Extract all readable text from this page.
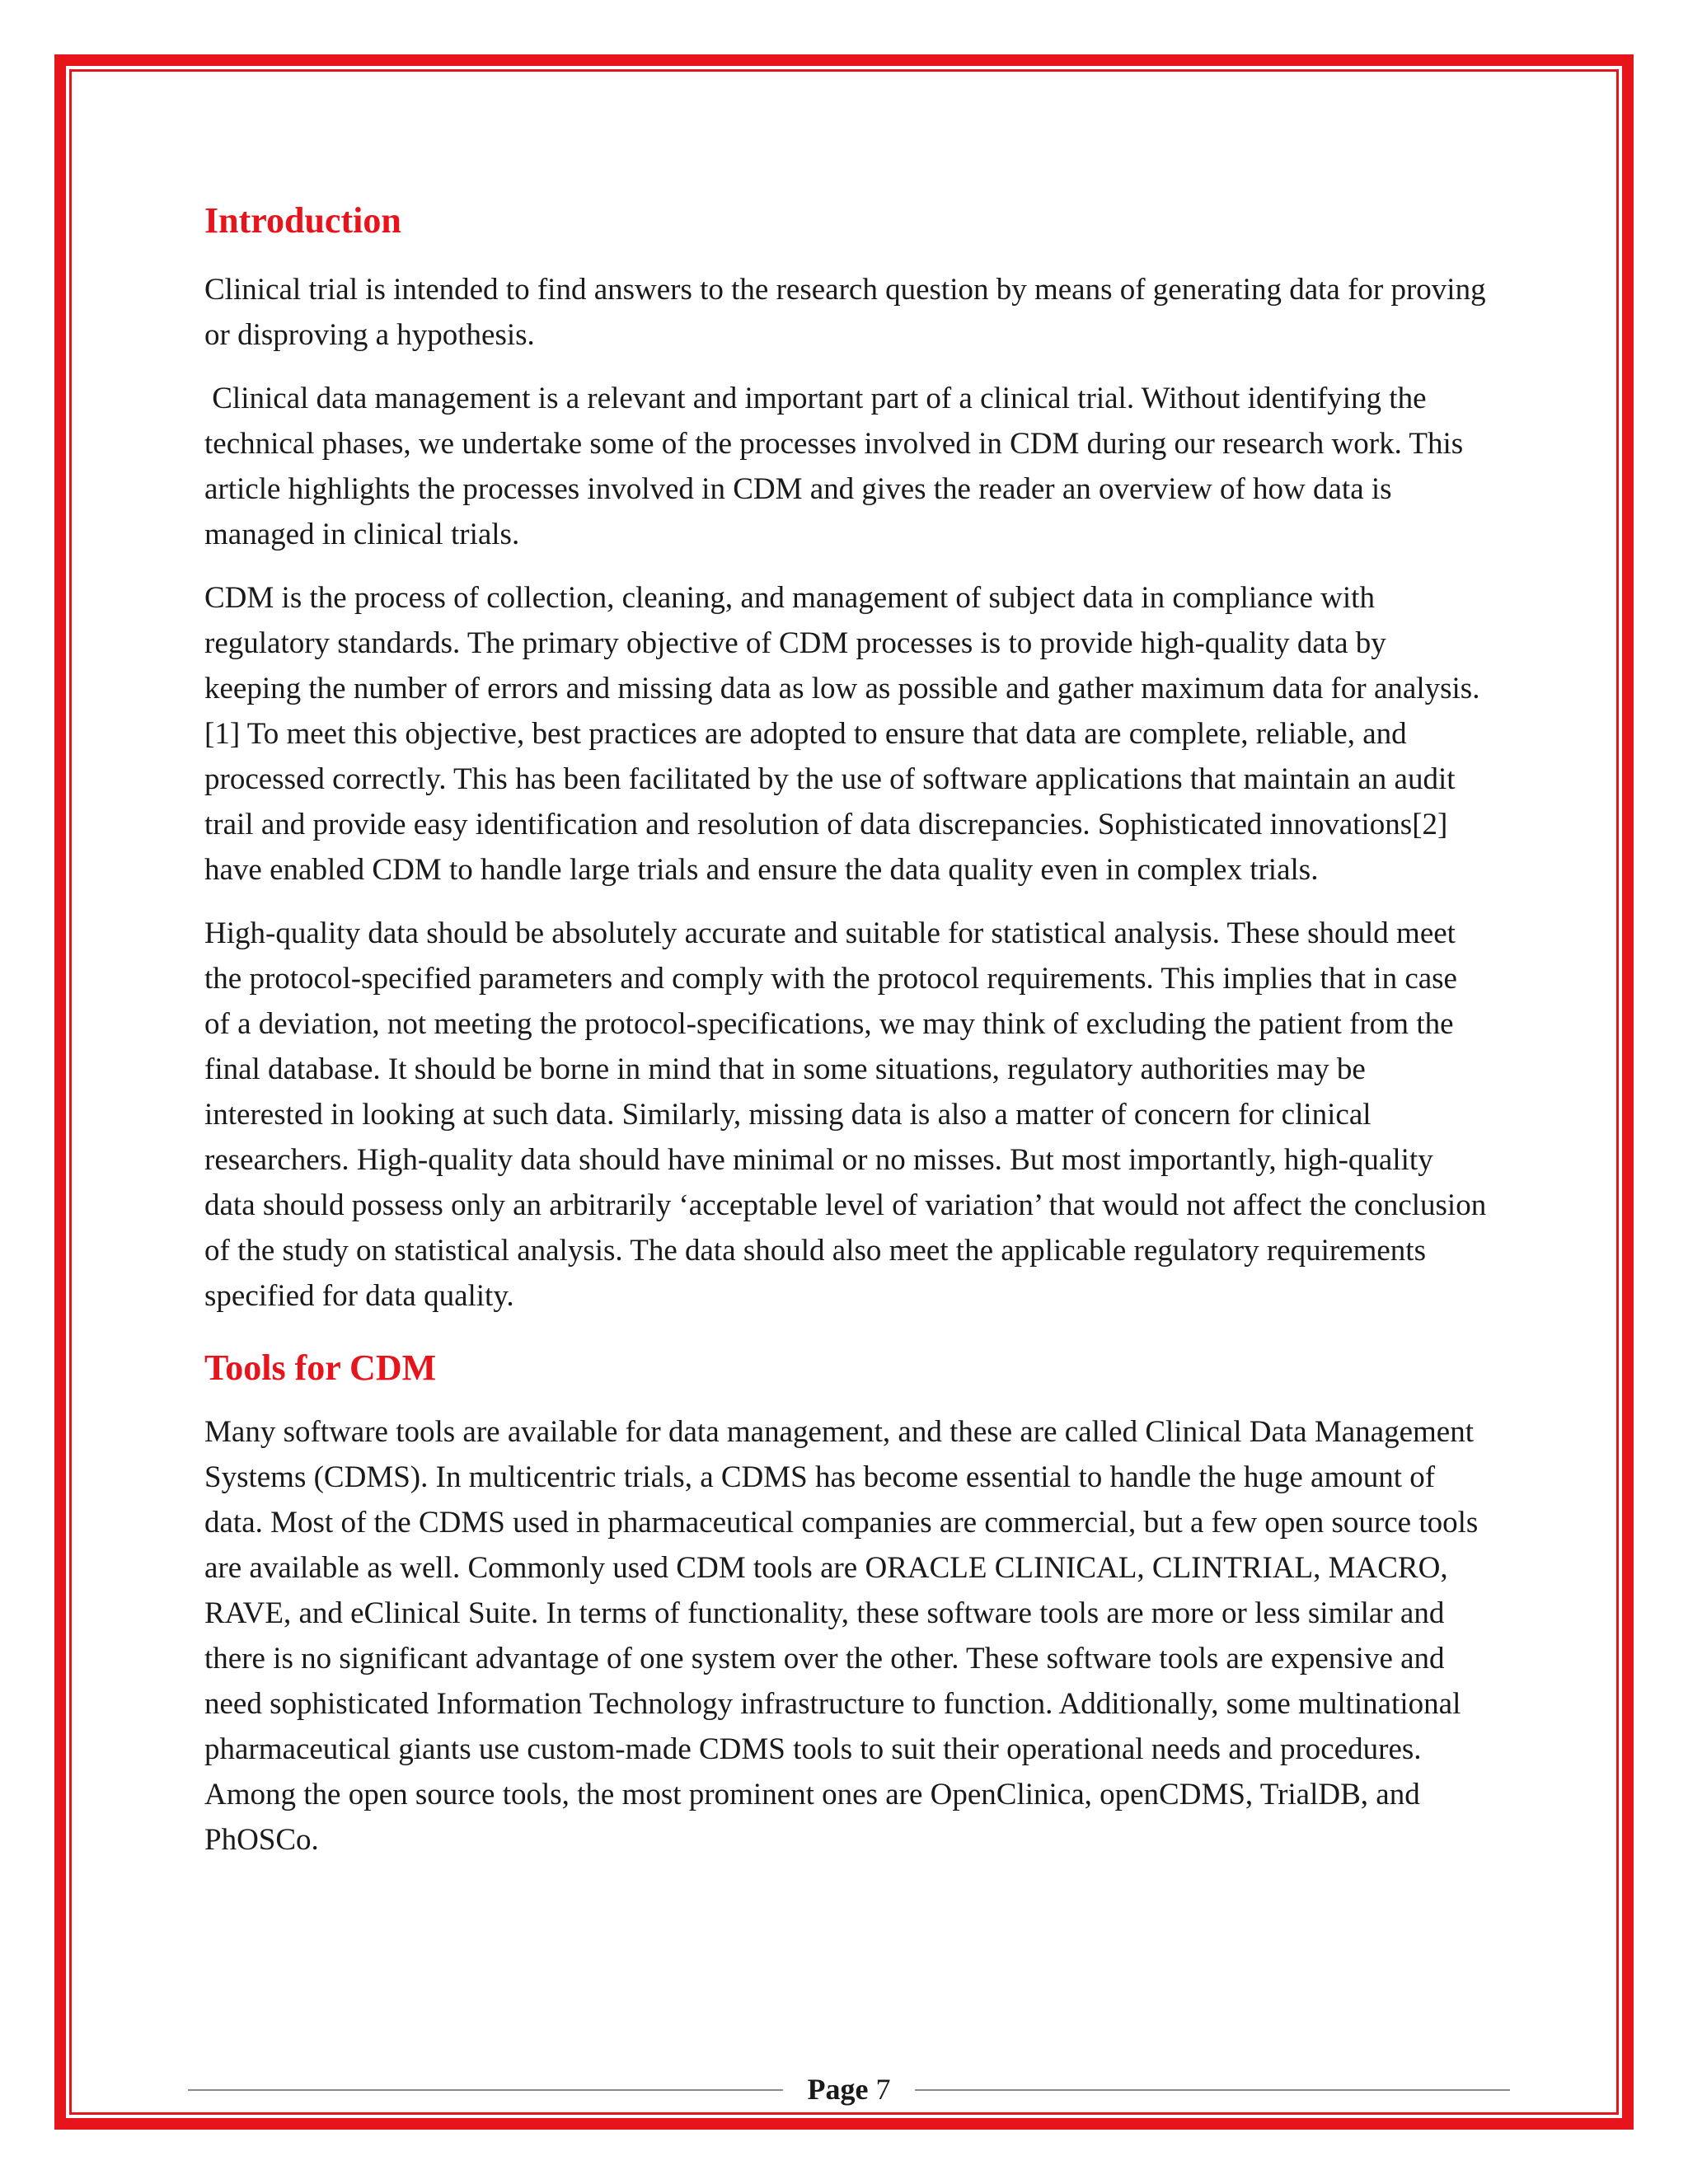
Introduction

Clinical trial is intended to find answers to the research question by means of generating data for proving or disproving a hypothesis.

Clinical data management is a relevant and important part of a clinical trial. Without identifying the technical phases, we undertake some of the processes involved in CDM during our research work. This article highlights the processes involved in CDM and gives the reader an overview of how data is managed in clinical trials.

CDM is the process of collection, cleaning, and management of subject data in compliance with regulatory standards. The primary objective of CDM processes is to provide high-quality data by keeping the number of errors and missing data as low as possible and gather maximum data for analysis.[1] To meet this objective, best practices are adopted to ensure that data are complete, reliable, and processed correctly. This has been facilitated by the use of software applications that maintain an audit trail and provide easy identification and resolution of data discrepancies. Sophisticated innovations[2] have enabled CDM to handle large trials and ensure the data quality even in complex trials.

High-quality data should be absolutely accurate and suitable for statistical analysis. These should meet the protocol-specified parameters and comply with the protocol requirements. This implies that in case of a deviation, not meeting the protocol-specifications, we may think of excluding the patient from the final database. It should be borne in mind that in some situations, regulatory authorities may be interested in looking at such data. Similarly, missing data is also a matter of concern for clinical researchers. High-quality data should have minimal or no misses. But most importantly, high-quality data should possess only an arbitrarily ‘acceptable level of variation’ that would not affect the conclusion of the study on statistical analysis. The data should also meet the applicable regulatory requirements specified for data quality.

Tools for CDM

Many software tools are available for data management, and these are called Clinical Data Management Systems (CDMS). In multicentric trials, a CDMS has become essential to handle the huge amount of data. Most of the CDMS used in pharmaceutical companies are commercial, but a few open source tools are available as well. Commonly used CDM tools are ORACLE CLINICAL, CLINTRIAL, MACRO, RAVE, and eClinical Suite. In terms of functionality, these software tools are more or less similar and there is no significant advantage of one system over the other. These software tools are expensive and need sophisticated Information Technology infrastructure to function. Additionally, some multinational pharmaceutical giants use custom-made CDMS tools to suit their operational needs and procedures. Among the open source tools, the most prominent ones are OpenClinica, openCDMS, TrialDB, and PhOSCo.

Page 7
